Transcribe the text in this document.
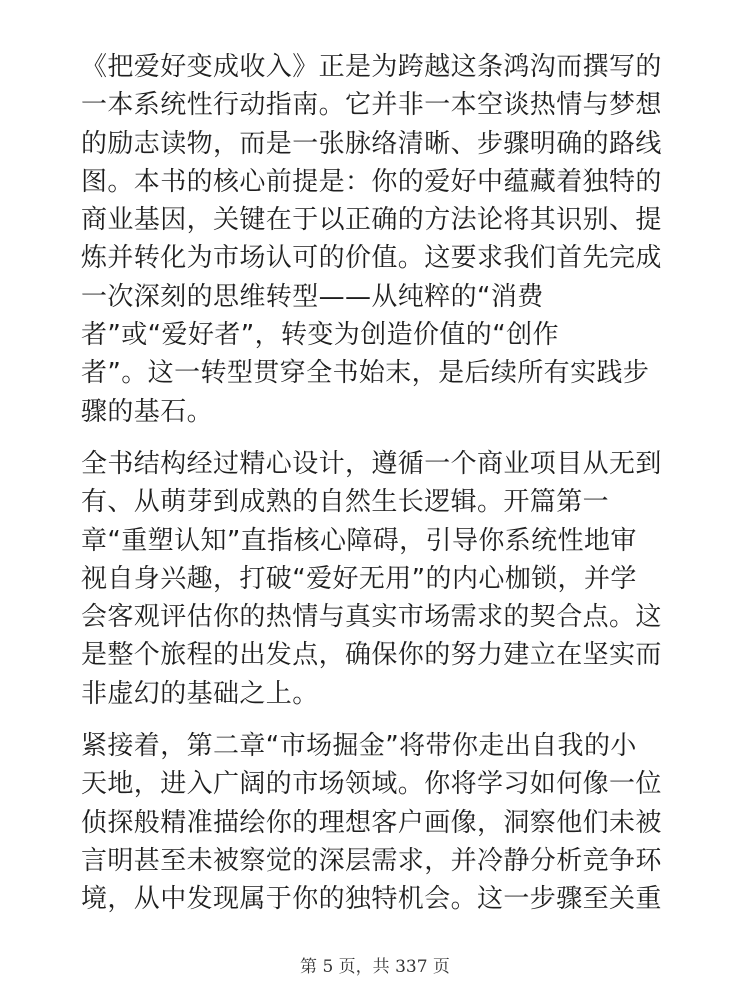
《把爱好变成收入》正是为跨越这条鸿沟而撰写的
一本系统性行动指南。它并非一本空谈热情与梦想
的励志读物，而是一张脉络清晰、步骤明确的路线
图。本书的核心前提是：你的爱好中蕴藏着独特的
商业基因，关键在于以正确的方法论将其识别、提
炼并转化为市场认可的价值。这要求我们首先完成
一次深刻的思维转型——从纯粹的“消费
者”或“爱好者”，转变为创造价值的“创作
者”。这一转型贯穿全书始末，是后续所有实践步
骤的基石。
全书结构经过精心设计，遵循一个商业项目从无到
有、从萌芽到成熟的自然生长逻辑。开篇第一
章“重塑认知”直指核心障碍，引导你系统性地审
视自身兴趣，打破“爱好无用”的内心枷锁，并学
会客观评估你的热情与真实市场需求的契合点。这
是整个旅程的出发点，确保你的努力建立在坚实而
非虚幻的基础之上。
紧接着，第二章“市场掘金”将带你走出自我的小
天地，进入广阔的市场领域。你将学习如何像一位
侦探般精准描绘你的理想客户画像，洞察他们未被
言明甚至未被察觉的深层需求，并冷静分析竞争环
境，从中发现属于你的独特机会。这一步骤至关重
第 5 页，共 337 页
